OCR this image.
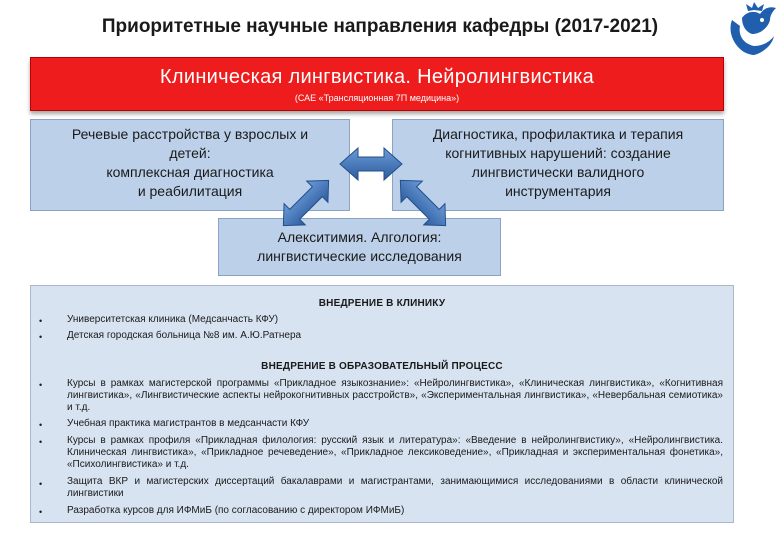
Приоритетные научные направления кафедры (2017-2021)
Клиническая лингвистика. Нейролингвистика
(САЕ «Трансляционная 7П медицина»)
Речевые расстройства у взрослых и
детей:
комплексная диагностика
и реабилитация
Диагностика, профилактика и терапия
когнитивных нарушений: создание
лингвистически валидного
инструментария
Алекситимия. Алгология:
лингвистические исследования
ВНЕДРЕНИЕ В КЛИНИКУ
• Университетская клиника (Медсанчасть КФУ)
• Детская городская больница №8 им. А.Ю.Ратнера
ВНЕДРЕНИЕ В ОБРАЗОВАТЕЛЬНЫЙ ПРОЦЕСС
• Курсы в рамках магистерской программы «Прикладное языкознание»: «Нейролингвистика», «Клиническая лингвистика», «Когнитивная лингвистика», «Лингвистические аспекты нейрокогнитивных расстройств», «Экспериментальная лингвистика», «Невербальная семиотика» и т.д.
• Учебная практика магистрантов в медсанчасти КФУ
• Курсы в рамках профиля «Прикладная филология: русский язык и литература»: «Введение в нейролингвистику», «Нейролингвистика. Клиническая лингвистика», «Прикладное речеведение», «Прикладное лексиковедение», «Прикладная и экспериментальная фонетика», «Психолингвистика» и т.д.
• Защита ВКР и магистерских диссертаций бакалаврами и магистрантами, занимающимися исследованиями в области клинической лингвистики
• Разработка курсов для ИФМиБ (по согласованию с директором ИФМиБ)
